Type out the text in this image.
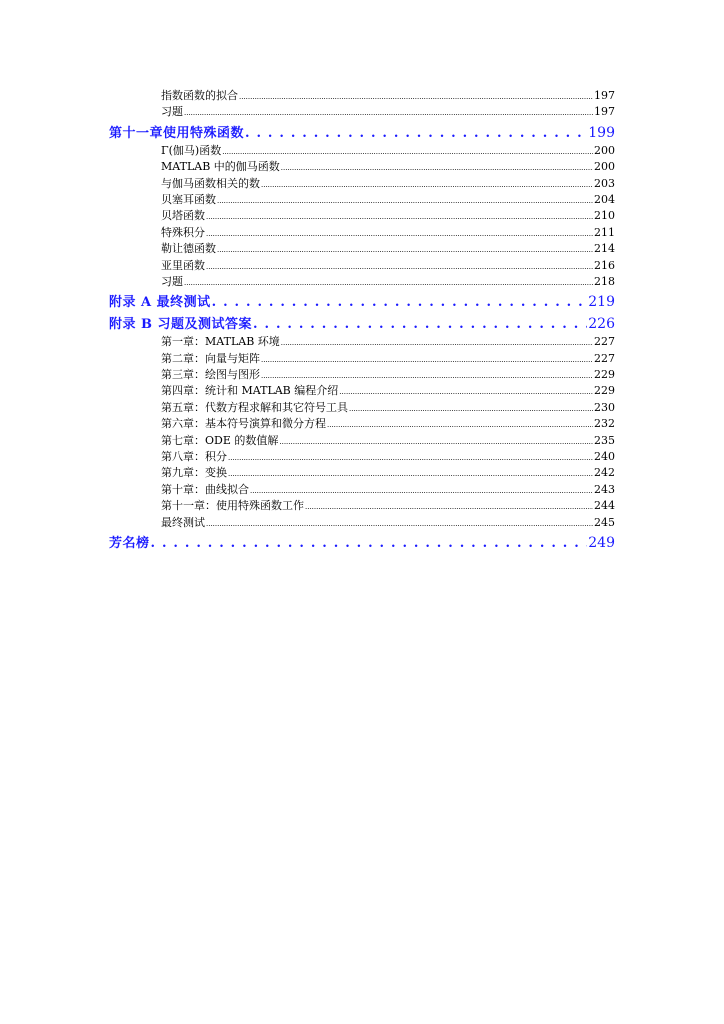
指数函数的拟合 .....	197
习题 .....	197
第十一章使用特殊函数 . . .	199
Γ(伽马)函数 .....	200
MATLAB 中的伽马函数 .....	200
与伽马函数相关的数 .....	203
贝塞耳函数 .....	204
贝塔函数 .....	210
特殊积分 .....	211
勒让德函数 .....	214
亚里函数 .....	216
习题 .....	218
附录 A 最终测试 . . .	219
附录 B 习题及测试答案 . . .	226
第一章：MATLAB 环境 .....	227
第二章：向量与矩阵 .....	227
第三章：绘图与图形 .....	229
第四章：统计和 MATLAB 编程介绍 .....	229
第五章：代数方程求解和其它符号工具 .....	230
第六章：基本符号演算和微分方程 .....	232
第七章：ODE 的数值解 .....	235
第八章：积分 .....	240
第九章：变换 .....	242
第十章：曲线拟合 .....	243
第十一章：使用特殊函数工作 .....	244
最终测试 .....	245
芳名榜 . . .	249
